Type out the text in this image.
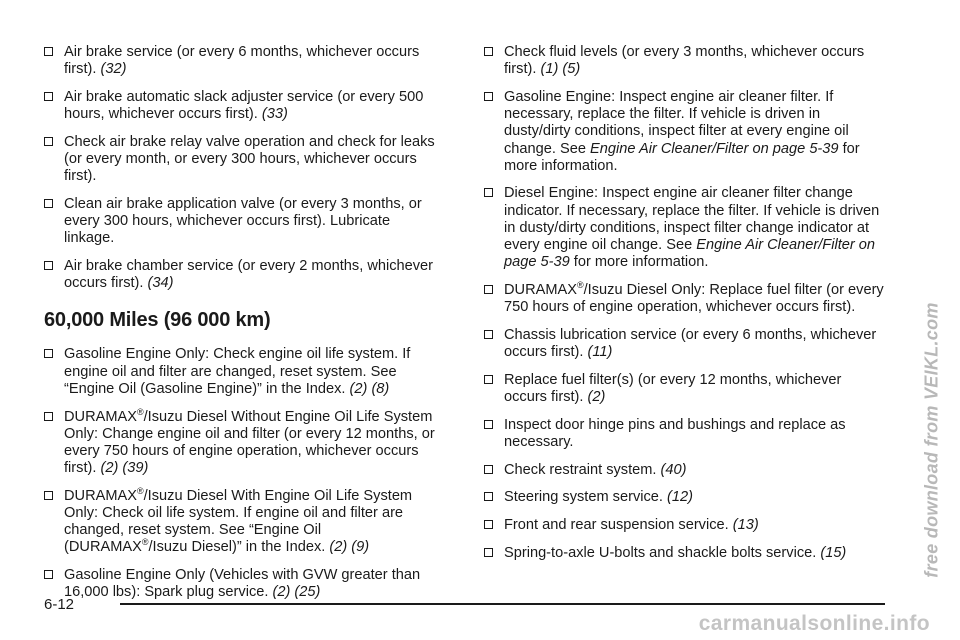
Air brake service (or every 6 months, whichever occurs first). (32)
Air brake automatic slack adjuster service (or every 500 hours, whichever occurs first). (33)
Check air brake relay valve operation and check for leaks (or every month, or every 300 hours, whichever occurs first).
Clean air brake application valve (or every 3 months, or every 300 hours, whichever occurs first). Lubricate linkage.
Air brake chamber service (or every 2 months, whichever occurs first). (34)
60,000 Miles (96 000 km)
Gasoline Engine Only: Check engine oil life system. If engine oil and filter are changed, reset system. See “Engine Oil (Gasoline Engine)” in the Index. (2) (8)
DURAMAX®/Isuzu Diesel Without Engine Oil Life System Only: Change engine oil and filter (or every 12 months, or every 750 hours of engine operation, whichever occurs first). (2) (39)
DURAMAX®/Isuzu Diesel With Engine Oil Life System Only: Check oil life system. If engine oil and filter are changed, reset system. See “Engine Oil (DURAMAX®/Isuzu Diesel)” in the Index. (2) (9)
Gasoline Engine Only (Vehicles with GVW greater than 16,000 lbs): Spark plug service. (2) (25)
Check fluid levels (or every 3 months, whichever occurs first). (1) (5)
Gasoline Engine: Inspect engine air cleaner filter. If necessary, replace the filter. If vehicle is driven in dusty/dirty conditions, inspect filter at every engine oil change. See Engine Air Cleaner/Filter on page 5-39 for more information.
Diesel Engine: Inspect engine air cleaner filter change indicator. If necessary, replace the filter. If vehicle is driven in dusty/dirty conditions, inspect filter change indicator at every engine oil change. See Engine Air Cleaner/Filter on page 5-39 for more information.
DURAMAX®/Isuzu Diesel Only: Replace fuel filter (or every 750 hours of engine operation, whichever occurs first).
Chassis lubrication service (or every 6 months, whichever occurs first). (11)
Replace fuel filter(s) (or every 12 months, whichever occurs first). (2)
Inspect door hinge pins and bushings and replace as necessary.
Check restraint system. (40)
Steering system service. (12)
Front and rear suspension service. (13)
Spring-to-axle U-bolts and shackle bolts service. (15)
6-12
free download from VEIKL.com
carmanualsonline.info
